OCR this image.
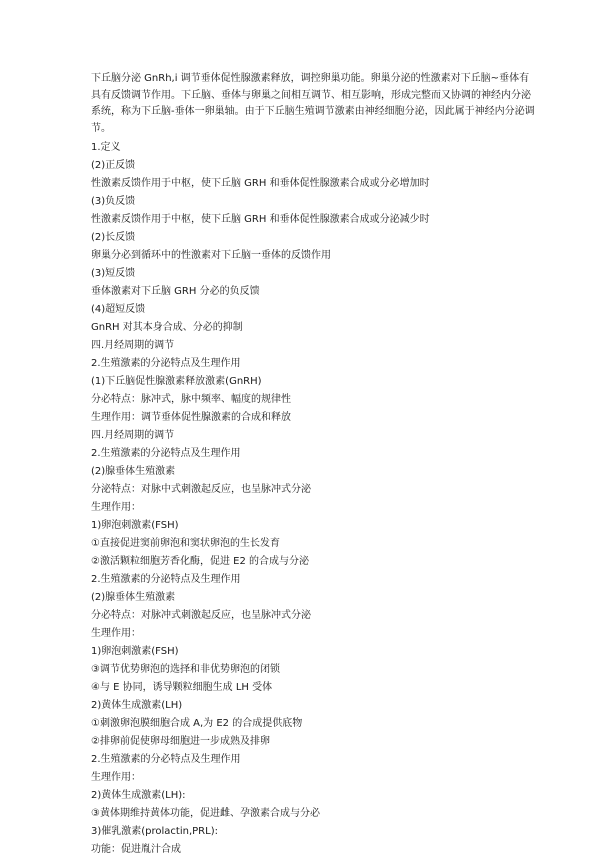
下丘脑分泌 GnRh,i 调节垂体促性腺激素释放，调控卵巢功能。卵巢分泌的性激素对下丘脑~垂体有具有反馈调节作用。下丘脑、垂体与卵巢之间相互调节、相互影响，形成完整而又协调的神经内分泌系统，称为下丘脑-垂体一卵巢轴。由于下丘脑生殖调节激素由神经细胞分泌，因此属于神经内分泌调节。
1.定义
(2)正反馈
性激素反馈作用于中枢，使下丘脑 GRH 和垂体促性腺激素合成或分必增加时
(3)负反馈
性激素反馈作用于中枢，使下丘脑 GRH 和垂体促性腺激素合成或分泌减少时
(2)长反馈
卵巢分必到循环中的性激素对下丘脑一垂体的反馈作用
(3)短反馈
垂体激素对下丘脑 GRH 分必的负反馈
(4)超短反馈
GnRH 对其本身合成、分必的抑制
四.月经周期的调节
2.生殖激素的分泌特点及生理作用
(1)下丘脑促性腺激素释放激素(GnRH)
分必特点：脉冲式，脉中频率、幅度的规律性
生理作用：调节垂体促性腺激素的合成和释放
四.月经周期的调节
2.生殖激素的分泌特点及生理作用
(2)腺垂体生殖激素
分泌特点：对脉中式刺激起反应，也呈脉冲式分泌
生理作用：
1)卵泡刺激素(FSH)
①直接促进窦前卵泡和窦状卵泡的生长发育
②激活颗粒细胞芳香化酶，促进 E2 的合成与分泌
2.生殖激素的分泌特点及生理作用
(2)腺垂体生殖激素
分必特点：对脉冲式刺激起反应，也呈脉冲式分泌
生理作用：
1)卵泡刺激素(FSH)
③调节优势卵泡的选择和非优势卵泡的闭锁
④与 E 协同，诱导颗粒细胞生成 LH 受体
2)黄体生成激素(LH)
①刺激卵泡膜细胞合成 A,为 E2 的合成提供底物
②排卵前促使卵母细胞进一步成熟及排卵
2.生殖激素的分必特点及生理作用
生理作用：
2)黄体生成激素(LH):
③黄体期维持黄体功能，促进雌、孕激素合成与分必
3)催乳激素(prolactin,PRL):
功能：促进胤汁合成
